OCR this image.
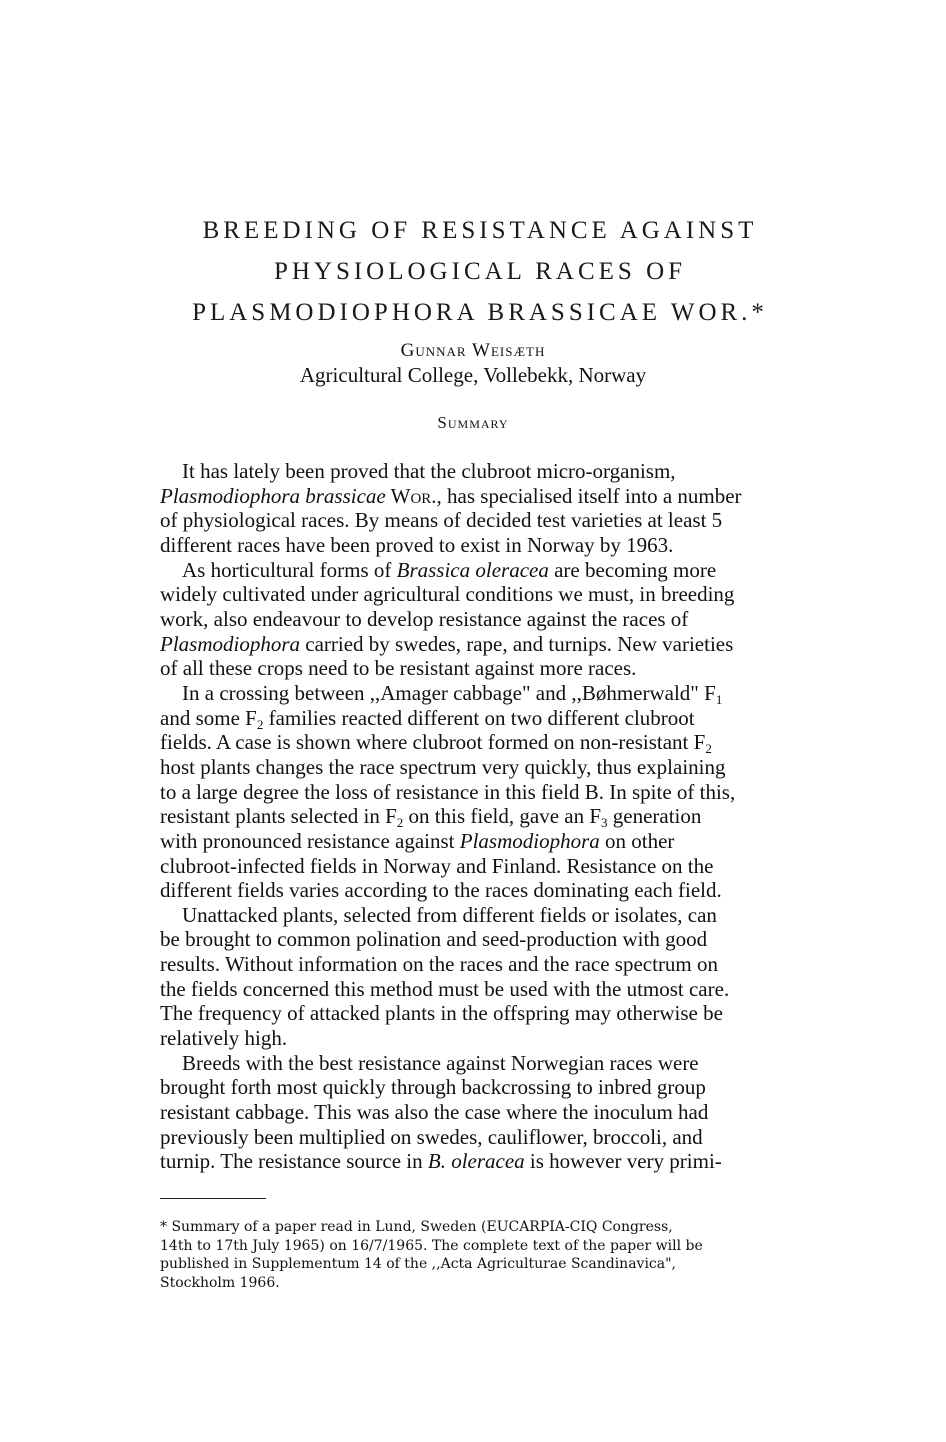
BREEDING OF RESISTANCE AGAINST
PHYSIOLOGICAL RACES OF
PLASMODIOPHORA BRASSICAE WOR.*
Gunnar Weisæth
Agricultural College, Vollebekk, Norway
Summary
It has lately been proved that the clubroot micro-organism,
Plasmodiophora brassicae Wor., has specialised itself into a number
of physiological races. By means of decided test varieties at least 5
different races have been proved to exist in Norway by 1963.
As horticultural forms of Brassica oleracea are becoming more
widely cultivated under agricultural conditions we must, in breeding
work, also endeavour to develop resistance against the races of
Plasmodiophora carried by swedes, rape, and turnips. New varieties
of all these crops need to be resistant against more races.
In a crossing between ,,Amager cabbage" and ,,Bøhmerwald" $F_1$
and some $F_2$ families reacted different on two different clubroot
fields. A case is shown where clubroot formed on non-resistant $F_2$
host plants changes the race spectrum very quickly, thus explaining
to a large degree the loss of resistance in this field B. In spite of this,
resistant plants selected in $F_2$ on this field, gave an $F_3$ generation
with pronounced resistance against Plasmodiophora on other
clubroot-infected fields in Norway and Finland. Resistance on the
different fields varies according to the races dominating each field.
Unattacked plants, selected from different fields or isolates, can
be brought to common polination and seed-production with good
results. Without information on the races and the race spectrum on
the fields concerned this method must be used with the utmost care.
The frequency of attacked plants in the offspring may otherwise be
relatively high.
Breeds with the best resistance against Norwegian races were
brought forth most quickly through backcrossing to inbred group
resistant cabbage. This was also the case where the inoculum had
previously been multiplied on swedes, cauliflower, broccoli, and
turnip. The resistance source in B. oleracea is however very primi-
* Summary of a paper read in Lund, Sweden (EUCARPIA-CIQ Congress,
14th to 17th July 1965) on 16/7/1965. The complete text of the paper will be
published in Supplementum 14 of the ,,Acta Agriculturae Scandinavica",
Stockholm 1966.
